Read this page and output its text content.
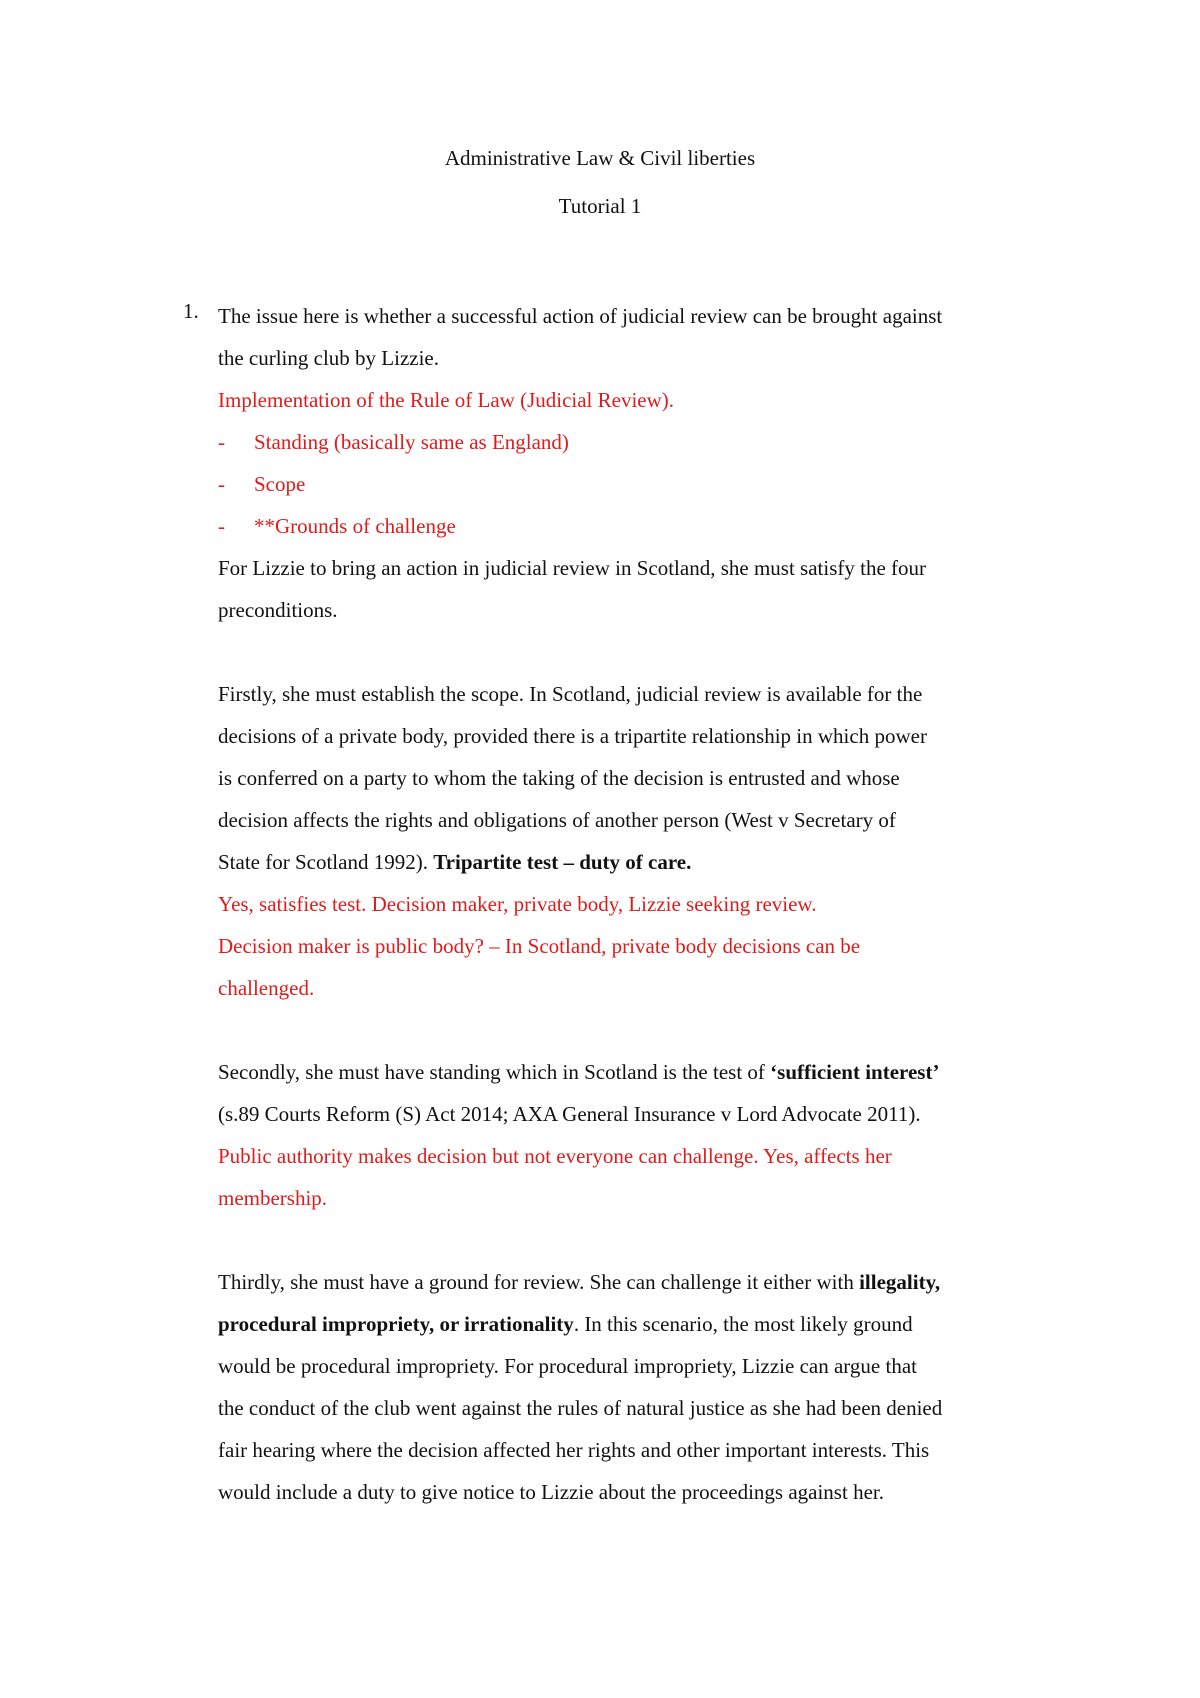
Administrative Law & Civil liberties
Tutorial 1
1. The issue here is whether a successful action of judicial review can be brought against
the curling club by Lizzie.
Implementation of the Rule of Law (Judicial Review).
- Standing (basically same as England)
- Scope
- **Grounds of challenge
For Lizzie to bring an action in judicial review in Scotland, she must satisfy the four
preconditions.
Firstly, she must establish the scope. In Scotland, judicial review is available for the
decisions of a private body, provided there is a tripartite relationship in which power
is conferred on a party to whom the taking of the decision is entrusted and whose
decision affects the rights and obligations of another person (West v Secretary of
State for Scotland 1992). Tripartite test – duty of care.
Yes, satisfies test. Decision maker, private body, Lizzie seeking review.
Decision maker is public body? – In Scotland, private body decisions can be
challenged.
Secondly, she must have standing which in Scotland is the test of ‘sufficient interest’
(s.89 Courts Reform (S) Act 2014; AXA General Insurance v Lord Advocate 2011).
Public authority makes decision but not everyone can challenge. Yes, affects her
membership.
Thirdly, she must have a ground for review. She can challenge it either with illegality,
procedural impropriety, or irrationality. In this scenario, the most likely ground
would be procedural impropriety. For procedural impropriety, Lizzie can argue that
the conduct of the club went against the rules of natural justice as she had been denied
fair hearing where the decision affected her rights and other important interests. This
would include a duty to give notice to Lizzie about the proceedings against her.
